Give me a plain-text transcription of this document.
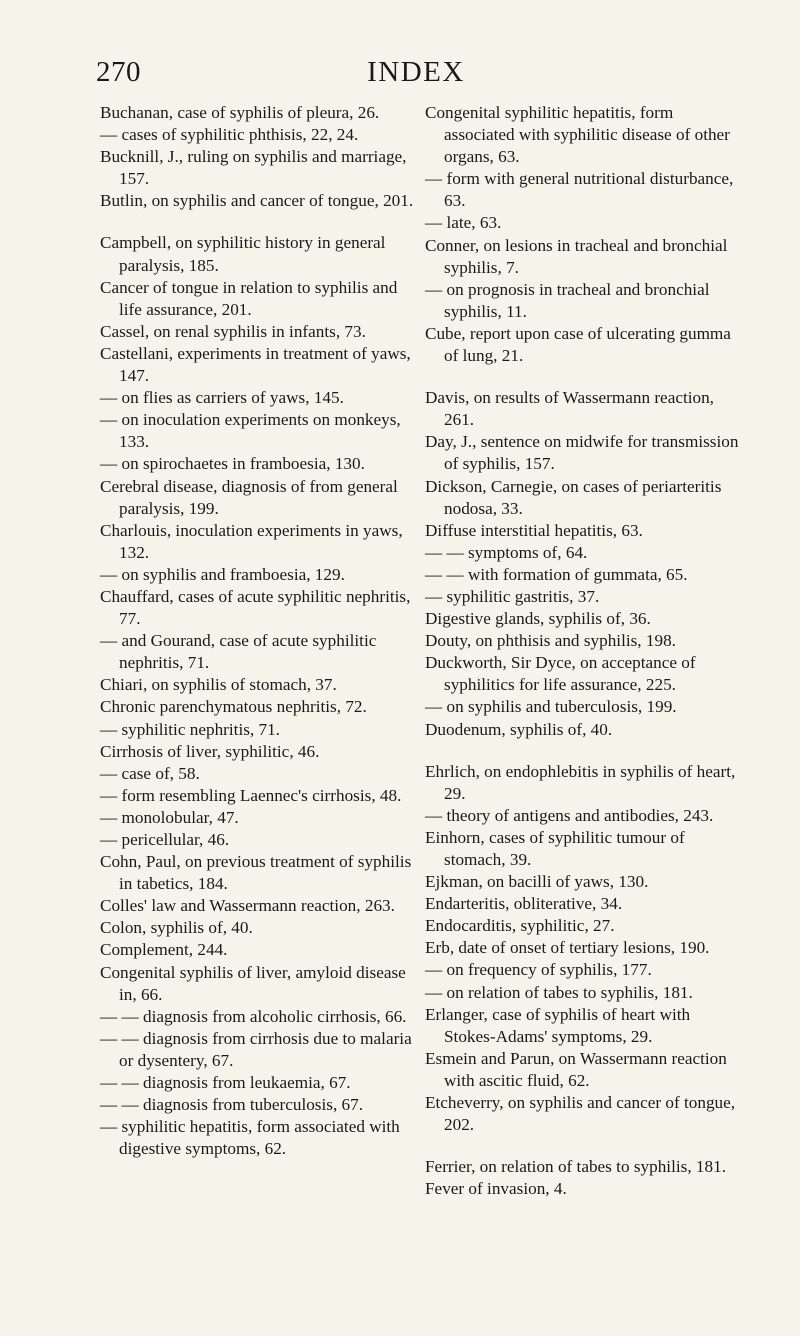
270	INDEX
Buchanan, case of syphilis of pleura, 26.
— cases of syphilitic phthisis, 22, 24.
Bucknill, J., ruling on syphilis and marriage, 157.
Butlin, on syphilis and cancer of tongue, 201.
Campbell, on syphilitic history in general paralysis, 185.
Cancer of tongue in relation to syphilis and life assurance, 201.
Cassel, on renal syphilis in infants, 73.
Castellani, experiments in treatment of yaws, 147.
— on flies as carriers of yaws, 145.
— on inoculation experiments on monkeys, 133.
— on spirochaetes in framboesia, 130.
Cerebral disease, diagnosis of from general paralysis, 199.
Charlouis, inoculation experiments in yaws, 132.
— on syphilis and framboesia, 129.
Chauffard, cases of acute syphilitic nephritis, 77.
— and Gourand, case of acute syphilitic nephritis, 71.
Chiari, on syphilis of stomach, 37.
Chronic parenchymatous nephritis, 72.
— syphilitic nephritis, 71.
Cirrhosis of liver, syphilitic, 46.
— case of, 58.
— form resembling Laennec's cirrhosis, 48.
— monolobular, 47.
— pericellular, 46.
Cohn, Paul, on previous treatment of syphilis in tabetics, 184.
Colles' law and Wassermann reaction, 263.
Colon, syphilis of, 40.
Complement, 244.
Congenital syphilis of liver, amyloid disease in, 66.
— — diagnosis from alcoholic cirrhosis, 66.
— — diagnosis from cirrhosis due to malaria or dysentery, 67.
— — diagnosis from leukaemia, 67.
— — diagnosis from tuberculosis, 67.
— syphilitic hepatitis, form associated with digestive symptoms, 62.
Congenital syphilitic hepatitis, form associated with syphilitic disease of other organs, 63.
— form with general nutritional disturbance, 63.
— late, 63.
Conner, on lesions in tracheal and bronchial syphilis, 7.
— on prognosis in tracheal and bronchial syphilis, 11.
Cube, report upon case of ulcerating gumma of lung, 21.
Davis, on results of Wassermann reaction, 261.
Day, J., sentence on midwife for transmission of syphilis, 157.
Dickson, Carnegie, on cases of periarteritis nodosa, 33.
Diffuse interstitial hepatitis, 63.
— — symptoms of, 64.
— — with formation of gummata, 65.
— syphilitic gastritis, 37.
Digestive glands, syphilis of, 36.
Douty, on phthisis and syphilis, 198.
Duckworth, Sir Dyce, on acceptance of syphilitics for life assurance, 225.
— on syphilis and tuberculosis, 199.
Duodenum, syphilis of, 40.
Ehrlich, on endophlebitis in syphilis of heart, 29.
— theory of antigens and antibodies, 243.
Einhorn, cases of syphilitic tumour of stomach, 39.
Ejkman, on bacilli of yaws, 130.
Endarteritis, obliterative, 34.
Endocarditis, syphilitic, 27.
Erb, date of onset of tertiary lesions, 190.
— on frequency of syphilis, 177.
— on relation of tabes to syphilis, 181.
Erlanger, case of syphilis of heart with Stokes-Adams' symptoms, 29.
Esmein and Parun, on Wassermann reaction with ascitic fluid, 62.
Etcheverry, on syphilis and cancer of tongue, 202.
Ferrier, on relation of tabes to syphilis, 181.
Fever of invasion, 4.
